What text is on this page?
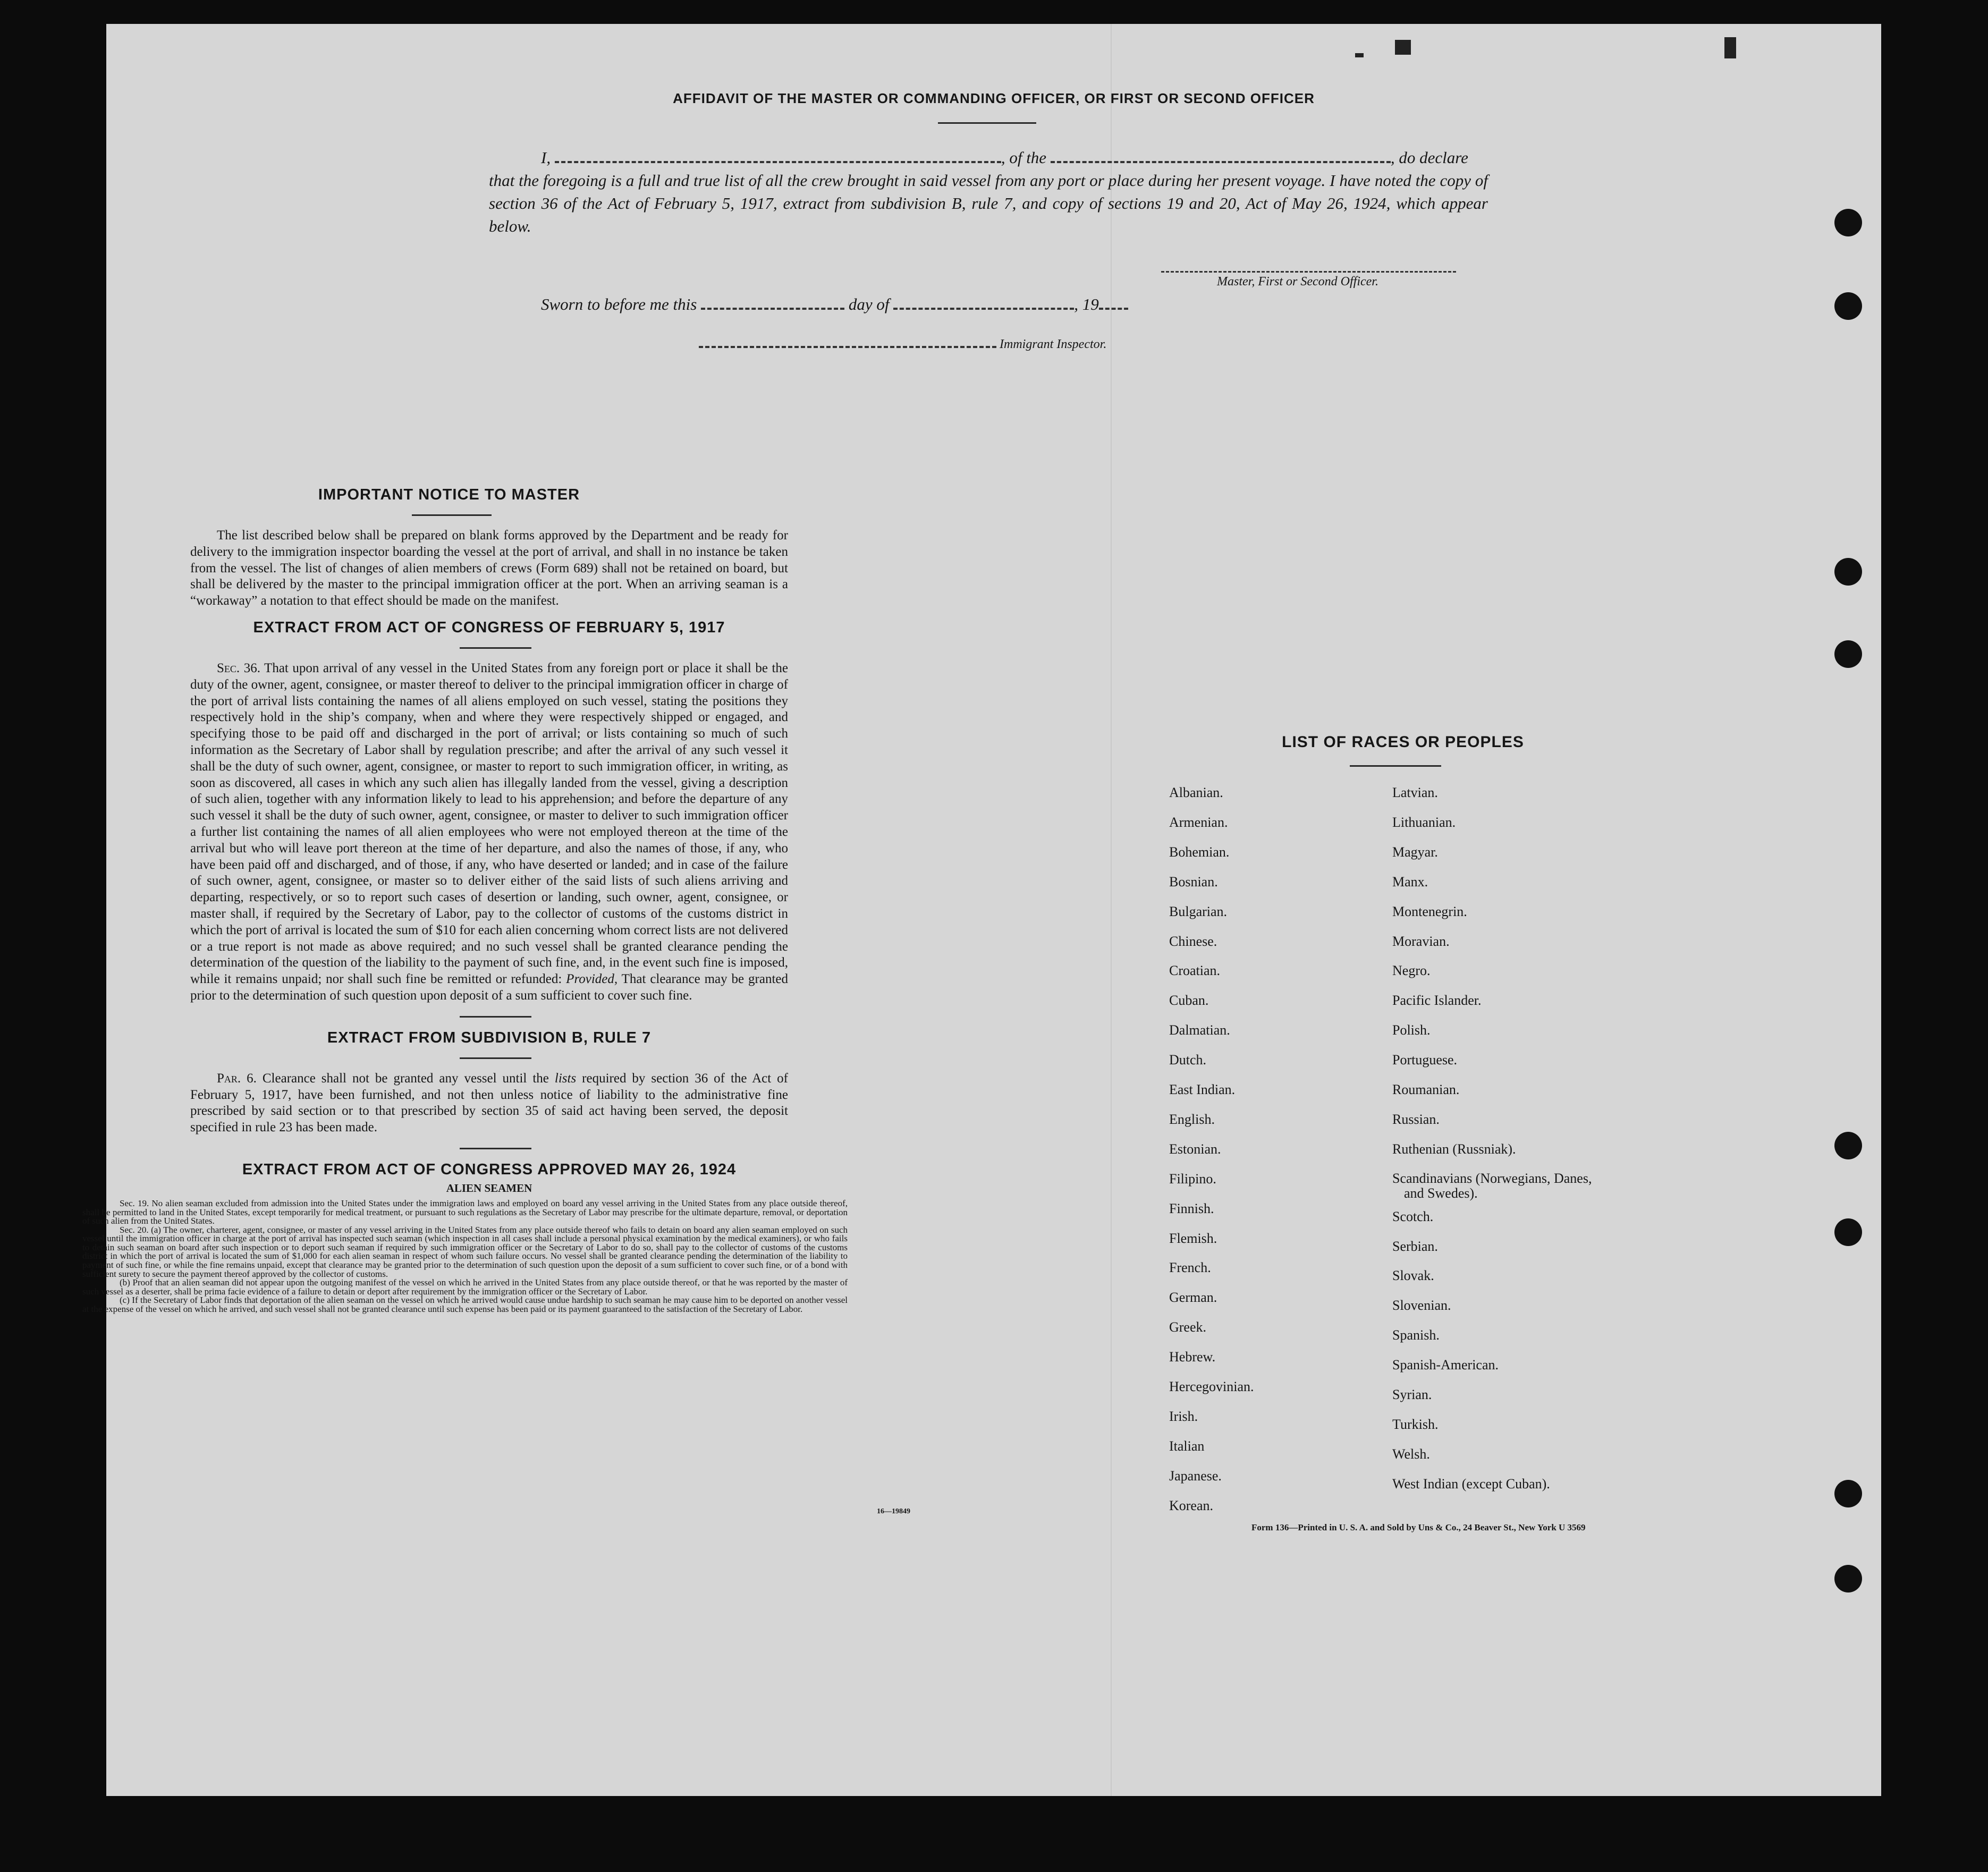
AFFIDAVIT OF THE MASTER OR COMMANDING OFFICER, OR FIRST OR SECOND OFFICER
I,	, of the	, do declare
that the foregoing is a full and true list of all the crew brought in said vessel from any port or place during her present voyage. I have noted the copy of section 36 of the Act of February 5, 1917, extract from subdivision B, rule 7, and copy of sections 19 and 20, Act of May 26, 1924, which appear below.
Master, First or Second Officer.
Sworn to before me this	day of	, 19
Immigrant Inspector.

IMPORTANT NOTICE TO MASTER

The list described below shall be prepared on blank forms approved by the Department and be ready for delivery to the immigration inspector boarding the vessel at the port of arrival, and shall in no instance be taken from the vessel. The list of changes of alien members of crews (Form 689) shall not be retained on board, but shall be delivered by the master to the principal immigration officer at the port. When an arriving seaman is a “workaway” a notation to that effect should be made on the manifest.

EXTRACT FROM ACT OF CONGRESS OF FEBRUARY 5, 1917

Sec. 36. That upon arrival of any vessel in the United States from any foreign port or place it shall be the duty of the owner, agent, consignee, or master thereof to deliver to the principal immigration officer in charge of the port of arrival lists containing the names of all aliens employed on such vessel, stating the positions they respectively hold in the ship’s company, when and where they were respectively shipped or engaged, and specifying those to be paid off and discharged in the port of arrival; or lists containing so much of such information as the Secretary of Labor shall by regulation prescribe; and after the arrival of any such vessel it shall be the duty of such owner, agent, consignee, or master to report to such immigration officer, in writing, as soon as discovered, all cases in which any such alien has illegally landed from the vessel, giving a description of such alien, together with any information likely to lead to his apprehension; and before the departure of any such vessel it shall be the duty of such owner, agent, consignee, or master to deliver to such immigration officer a further list containing the names of all alien employees who were not employed thereon at the time of the arrival but who will leave port thereon at the time of her departure, and also the names of those, if any, who have been paid off and discharged, and of those, if any, who have deserted or landed; and in case of the failure of such owner, agent, consignee, or master so to deliver either of the said lists of such aliens arriving and departing, respectively, or so to report such cases of desertion or landing, such owner, agent, consignee, or master shall, if required by the Secretary of Labor, pay to the collector of customs of the customs district in which the port of arrival is located the sum of $10 for each alien concerning whom correct lists are not delivered or a true report is not made as above required; and no such vessel shall be granted clearance pending the determination of the question of the liability to the payment of such fine, and, in the event such fine is imposed, while it remains unpaid; nor shall such fine be remitted or refunded: Provided, That clearance may be granted prior to the determination of such question upon deposit of a sum sufficient to cover such fine.

EXTRACT FROM SUBDIVISION B, RULE 7

Par. 6. Clearance shall not be granted any vessel until the lists required by section 36 of the Act of February 5, 1917, have been furnished, and not then unless notice of liability to the administrative fine prescribed by said section or to that prescribed by section 35 of said act having been served, the deposit specified in rule 23 has been made.

EXTRACT FROM ACT OF CONGRESS APPROVED MAY 26, 1924

ALIEN SEAMEN

Sec. 19. No alien seaman excluded from admission into the United States under the immigration laws and employed on board any vessel arriving in the United States from any place outside thereof, shall be permitted to land in the United States, except temporarily for medical treatment, or pursuant to such regulations as the Secretary of Labor may prescribe for the ultimate departure, removal, or deportation of such alien from the United States.
Sec. 20. (a) The owner, charterer, agent, consignee, or master of any vessel arriving in the United States from any place outside thereof who fails to detain on board any alien seaman employed on such vessel until the immigration officer in charge at the port of arrival has inspected such seaman (which inspection in all cases shall include a personal physical examination by the medical examiners), or who fails to detain such seaman on board after such inspection or to deport such seaman if required by such immigration officer or the Secretary of Labor to do so, shall pay to the collector of customs of the customs district in which the port of arrival is located the sum of $1,000 for each alien seaman in respect of whom such failure occurs. No vessel shall be granted clearance pending the determination of the liability to payment of such fine, or while the fine remains unpaid, except that clearance may be granted prior to the determination of such question upon the deposit of a sum sufficient to cover such fine, or of a bond with sufficient surety to secure the payment thereof approved by the collector of customs.
(b) Proof that an alien seaman did not appear upon the outgoing manifest of the vessel on which he arrived in the United States from any place outside thereof, or that he was reported by the master of such vessel as a deserter, shall be prima facie evidence of a failure to detain or deport after requirement by the immigration officer or the Secretary of Labor.
(c) If the Secretary of Labor finds that deportation of the alien seaman on the vessel on which he arrived would cause undue hardship to such seaman he may cause him to be deported on another vessel at the expense of the vessel on which he arrived, and such vessel shall not be granted clearance until such expense has been paid or its payment guaranteed to the satisfaction of the Secretary of Labor.
16—19849
LIST OF RACES OR PEOPLES
Albanian.
Armenian.
Bohemian.
Bosnian.
Bulgarian.
Chinese.
Croatian.
Cuban.
Dalmatian.
Dutch.
East Indian.
English.
Estonian.
Filipino.
Finnish.
Flemish.
French.
German.
Greek.
Hebrew.
Hercegovinian.
Irish.
Italian
Japanese.
Korean.
Latvian.
Lithuanian.
Magyar.
Manx.
Montenegrin.
Moravian.
Negro.
Pacific Islander.
Polish.
Portuguese.
Roumanian.
Russian.
Ruthenian (Russniak).
Scandinavians (Norwegians, Danes, and Swedes).
Scotch.
Serbian.
Slovak.
Slovenian.
Spanish.
Spanish-American.
Syrian.
Turkish.
Welsh.
West Indian (except Cuban).
Form 136—Printed in U. S. A. and Sold by Uns & Co., 24 Beaver St., New York U 3569
